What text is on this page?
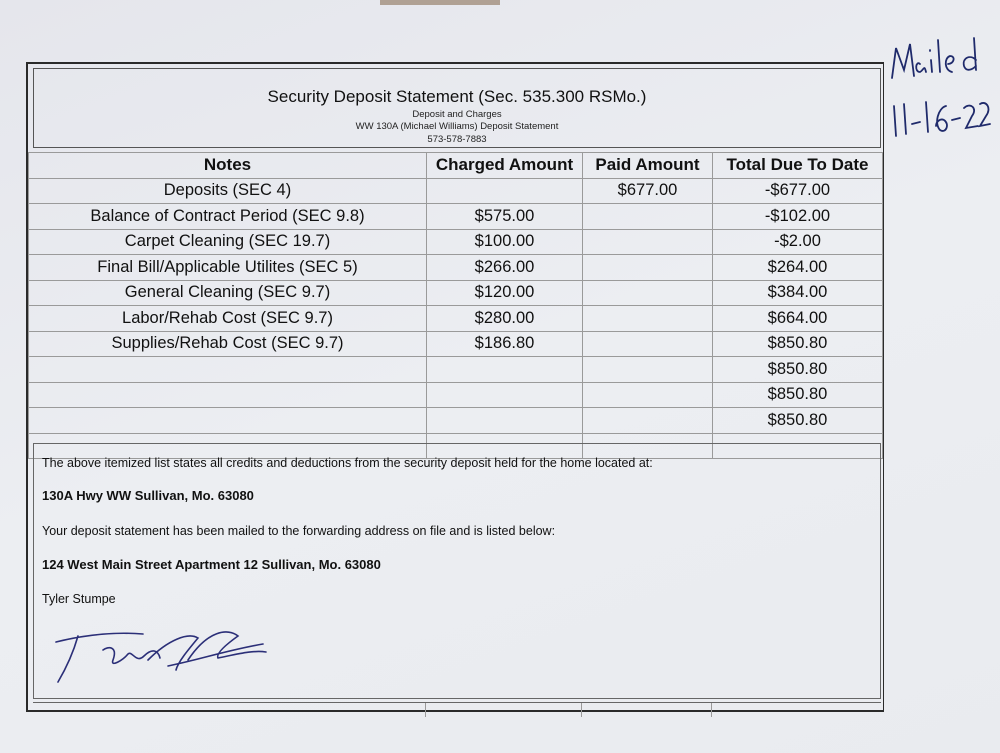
Security Deposit Statement (Sec. 535.300 RSMo.)
Deposit and Charges
WW 130A (Michael Williams) Deposit Statement
573-578-7883
Notes	Charged Amount	Paid Amount	Total Due To Date
Deposits (SEC 4)		$677.00	-$677.00
Balance of Contract Period (SEC 9.8)	$575.00		-$102.00
Carpet Cleaning (SEC 19.7)	$100.00		-$2.00
Final Bill/Applicable Utilites (SEC 5)	$266.00		$264.00
General Cleaning (SEC 9.7)	$120.00		$384.00
Labor/Rehab Cost (SEC 9.7)	$280.00		$664.00
Supplies/Rehab Cost (SEC 9.7)	$186.80		$850.80
			$850.80
			$850.80
			$850.80

The above itemized list states all credits and deductions from the security deposit held for the home located at:
130A Hwy WW Sullivan, Mo. 63080
Your deposit statement has been mailed to the forwarding address on file and is listed below:
124 West Main Street Apartment 12 Sullivan, Mo. 63080
Tyler Stumpe
